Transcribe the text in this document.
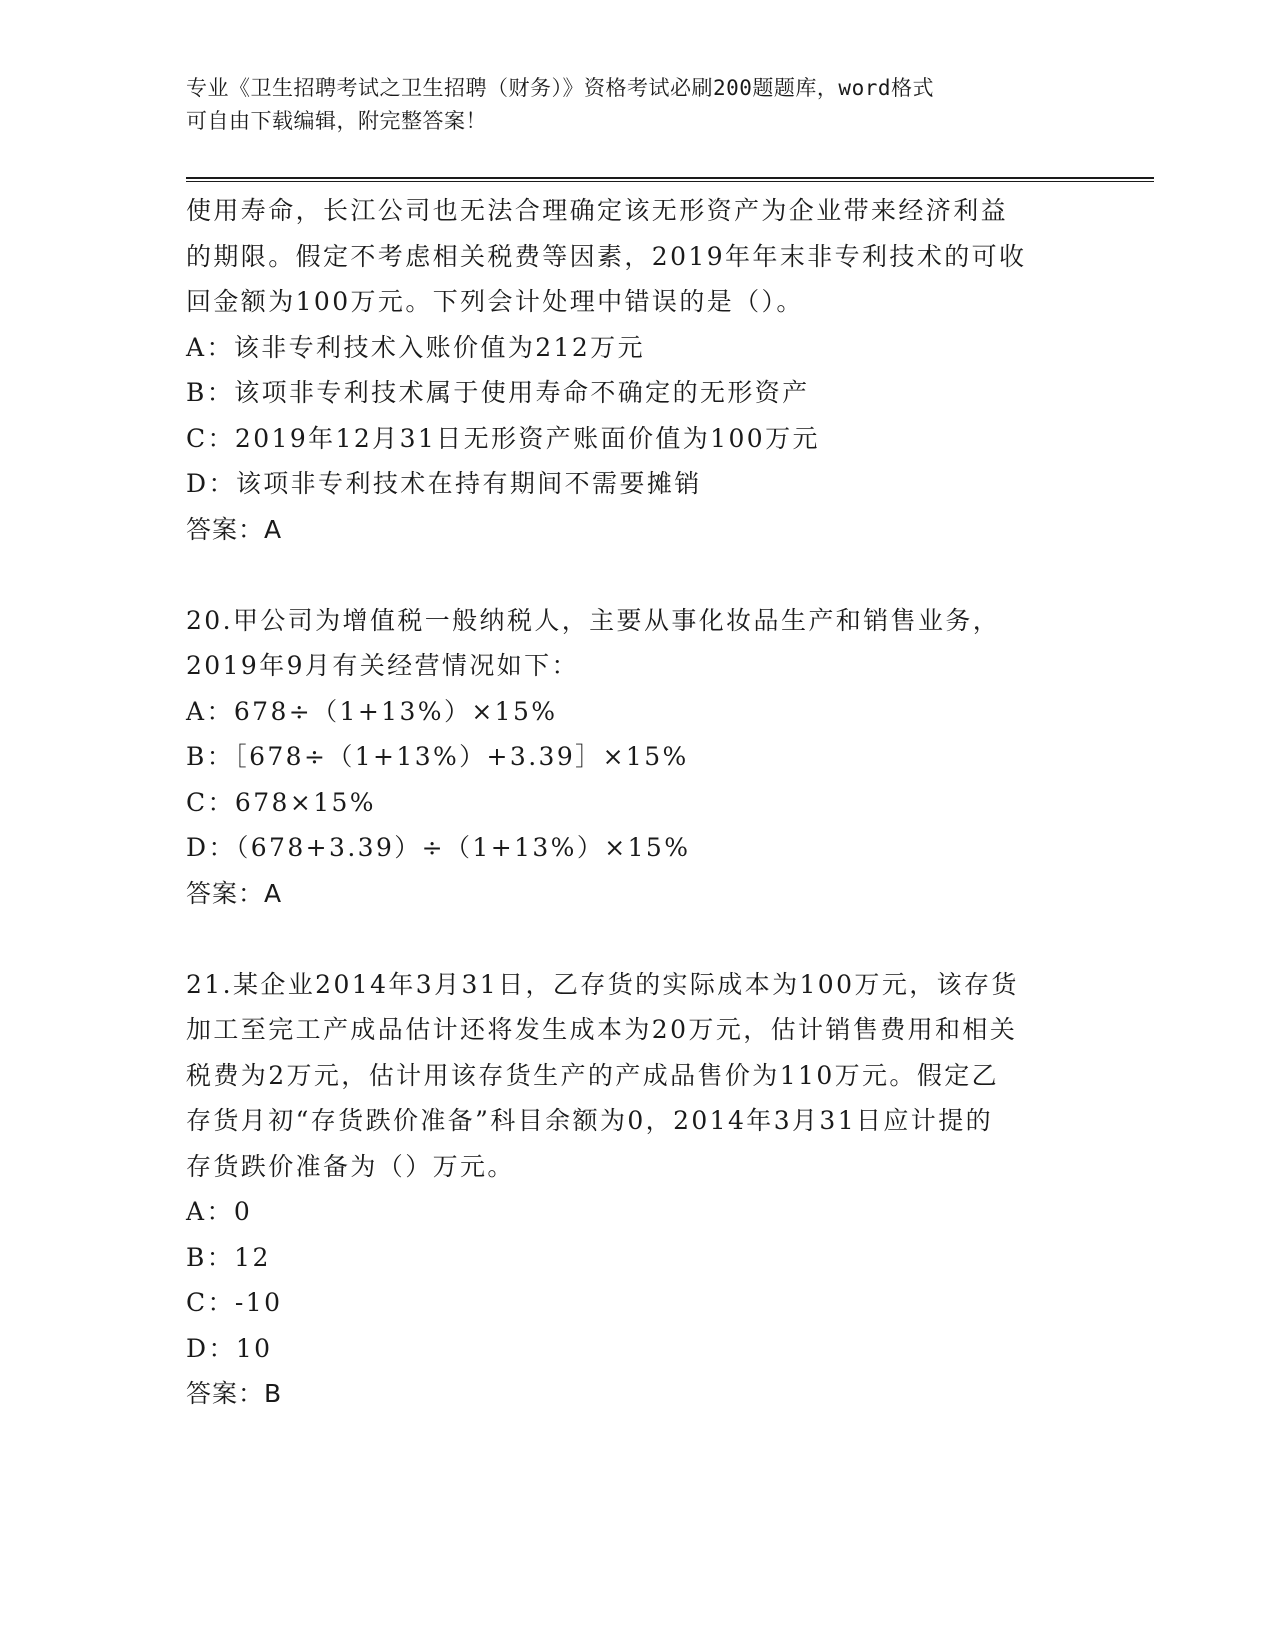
专业《卫生招聘考试之卫生招聘（财务）》资格考试必刷200题题库，word格式
可自由下载编辑，附完整答案！
使用寿命，长江公司也无法合理确定该无形资产为企业带来经济利益
的期限。假定不考虑相关税费等因素，2019年年末非专利技术的可收
回金额为100万元。下列会计处理中错误的是（）。
A：该非专利技术入账价值为212万元
B：该项非专利技术属于使用寿命不确定的无形资产
C：2019年12月31日无形资产账面价值为100万元
D：该项非专利技术在持有期间不需要摊销
答案：A
20.甲公司为增值税一般纳税人，主要从事化妆品生产和销售业务，
2019年9月有关经营情况如下：
A：678÷（1+13%）×15%
B：［678÷（1+13%）+3.39］×15%
C：678×15%
D：（678+3.39）÷（1+13%）×15%
答案：A
21.某企业2014年3月31日，乙存货的实际成本为100万元，该存货
加工至完工产成品估计还将发生成本为20万元，估计销售费用和相关
税费为2万元，估计用该存货生产的产成品售价为110万元。假定乙
存货月初“存货跌价准备”科目余额为0，2014年3月31日应计提的
存货跌价准备为（）万元。
A：0
B：12
C：-10
D：10
答案：B
